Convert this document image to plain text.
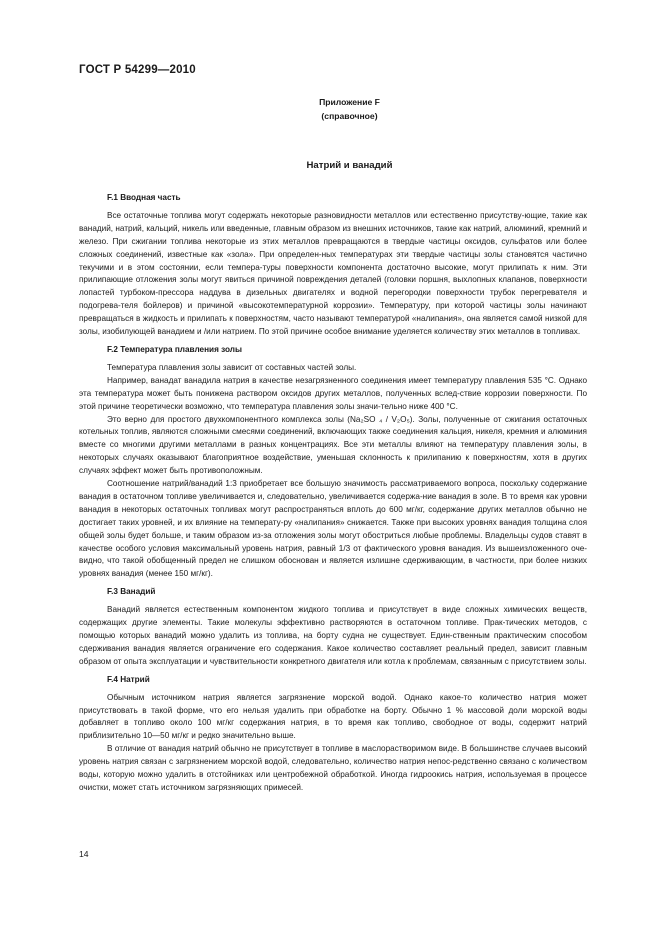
ГОСТ Р 54299—2010
Приложение F
(справочное)
Натрий и ванадий

F.1 Вводная часть

Все остаточные топлива могут содержать некоторые разновидности металлов или естественно присутству-ющие, такие как ванадий, натрий, кальций, никель или введенные, главным образом из внешних источников, такие как натрий, алюминий, кремний и железо. При сжигании топлива некоторые из этих металлов превращаются в твердые частицы оксидов, сульфатов или более сложных соединений, известные как «зола». При определен-ных температурах эти твердые частицы золы становятся частично текучими и в этом состоянии, если темпера-туры поверхности компонента достаточно высокие, могут прилипать к ним. Эти прилипающие отложения золы могут явиться причиной повреждения деталей (головки поршня, выхлопных клапанов, поверхности лопастей турбоком-прессора наддува в дизельных двигателях и водной перегородки поверхности трубок перегревателя и подогрева-теля бойлеров) и причиной «высокотемпературной коррозии». Температуру, при которой частицы золы начинают превращаться в жидкость и прилипать к поверхностям, часто называют температурой «налипания», она является самой низкой для золы, изобилующей ванадием и /или натрием. По этой причине особое внимание уделяется количеству этих металлов в топливах.

F.2 Температура плавления золы

Температура плавления золы зависит от составных частей золы.

Например, ванадат ванадила натрия в качестве незагрязненного соединения имеет температуру плавления 535 °C. Однако эта температура может быть понижена раствором оксидов других металлов, полученных вслед-ствие коррозии поверхности. По этой причине теоретически возможно, что температура плавления золы значи-тельно ниже 400 °C.

Это верно для простого двухкомпонентного комплекса золы (Na₂SO ₄ / V₂O₅). Золы, полученные от сжигания остаточных котельных топлив, являются сложными смесями соединений, включающих также соединения кальция, никеля, кремния и алюминия вместе со многими другими металлами в разных концентрациях. Все эти металлы влияют на температуру плавления золы, в некоторых случаях оказывают благоприятное воздействие, уменьшая склонность к прилипанию к поверхностям, хотя в других случаях эффект может быть противоположным.

Соотношение натрий/ванадий 1:3 приобретает все большую значимость рассматриваемого вопроса, поскольку содержание ванадия в остаточном топливе увеличивается и, следовательно, увеличивается содержа-ние ванадия в золе. В то время как уровни ванадия в некоторых остаточных топливах могут распространяться вплоть до 600 мг/кг, содержание других металлов обычно не достигает таких уровней, и их влияние на температу-ру «налипания» снижается. Также при высоких уровнях ванадия толщина слоя общей золы будет больше, и таким образом из-за отложения золы могут обостриться любые проблемы. Владельцы судов ставят в качестве особого условия максимальный уровень натрия, равный 1/3 от фактического уровня ванадия. Из вышеизложенного оче-видно, что такой обобщенный предел не слишком обоснован и является излишне сдерживающим, в частности, при более низких уровнях ванадия (менее 150 мг/кг).

F.3 Ванадий

Ванадий является естественным компонентом жидкого топлива и присутствует в виде сложных химических веществ, содержащих другие элементы. Такие молекулы эффективно растворяются в остаточном топливе. Прак-тических методов, с помощью которых ванадий можно удалить из топлива, на борту судна не существует. Един-ственным практическим способом сдерживания ванадия является ограничение его содержания. Какое количество составляет реальный предел, зависит главным образом от опыта эксплуатации и чувствительности конкретного двигателя или котла к проблемам, связанным с присутствием золы.

F.4 Натрий

Обычным источником натрия является загрязнение морской водой. Однако какое-то количество натрия может присутствовать в такой форме, что его нельзя удалить при обработке на борту. Обычно 1 % массовой доли морской воды добавляет в топливо около 100 мг/кг содержания натрия, в то время как топливо, свободное от воды, содержит натрий приблизительно 10—50 мг/кг и редко значительно выше.

В отличие от ванадия натрий обычно не присутствует в топливе в маслорастворимом виде. В большинстве случаев высокий уровень натрия связан с загрязнением морской водой, следовательно, количество натрия непос-редственно связано с количеством воды, которую можно удалить в отстойниках или центробежной обработкой. Иногда гидроокись натрия, используемая в процессе очистки, может стать источником загрязняющих примесей.

14
